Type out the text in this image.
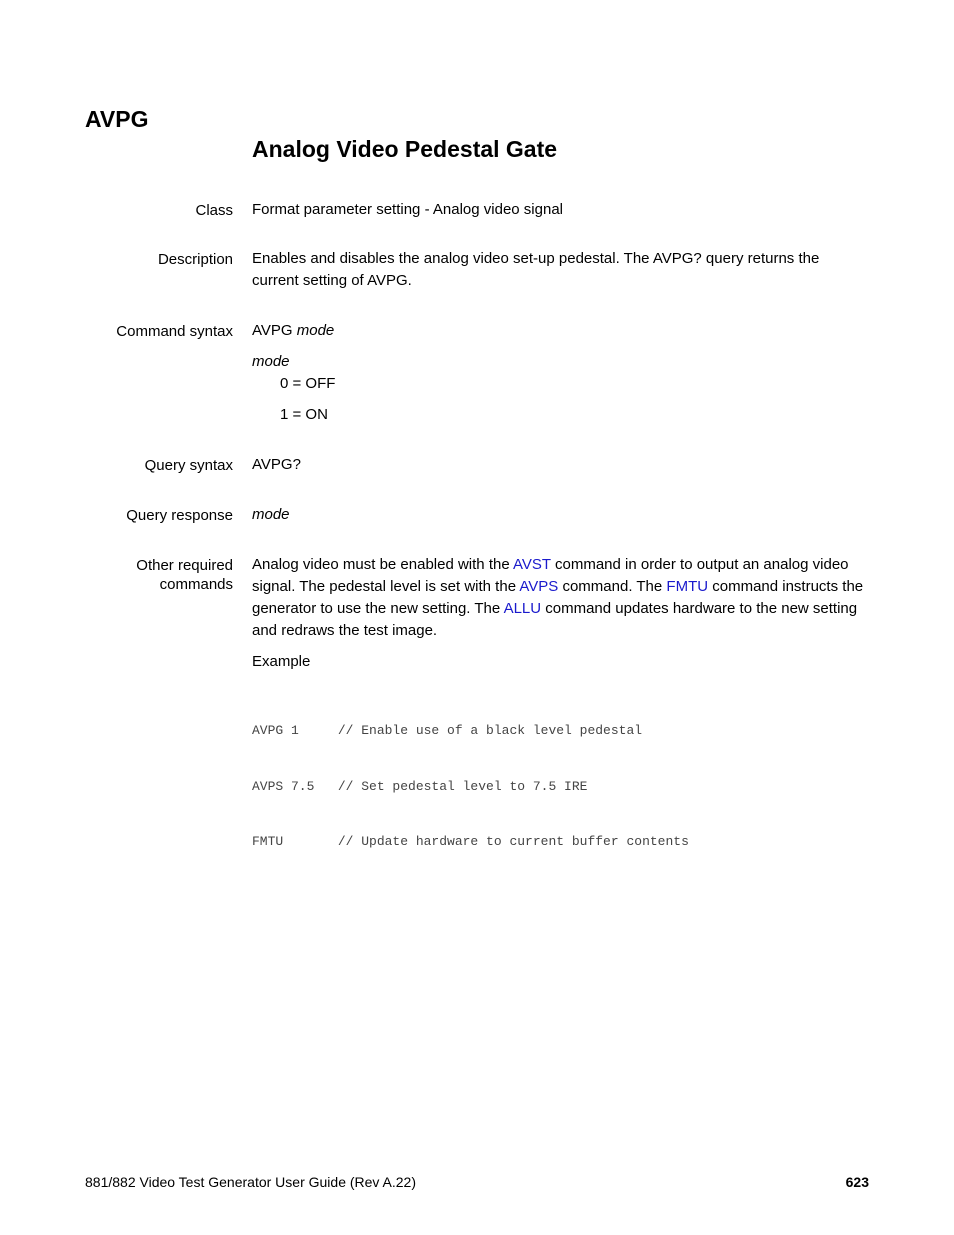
AVPG
Analog Video Pedestal Gate
Class Format parameter setting - Analog video signal
Description Enables and disables the analog video set-up pedestal. The AVPG? query returns the
current setting of AVPG.
Command syntax AVPG mode
mode
0 = OFF
1 = ON
Query syntax AVPG?
Query response mode
Other required
commands
Analog video must be enabled with the AVST command in order to output an analog video signal. The pedestal level is set with the AVPS command. The FMTU command instructs the generator to use the new setting. The ALLU command updates hardware to the new setting and redraws the test image.
Example

AVPG 1     // Enable use of a black level pedestal

AVPS 7.5   // Set pedestal level to 7.5 IRE

FMTU       // Update hardware to current buffer contents

881/882 Video Test Generator User Guide (Rev A.22)	623
